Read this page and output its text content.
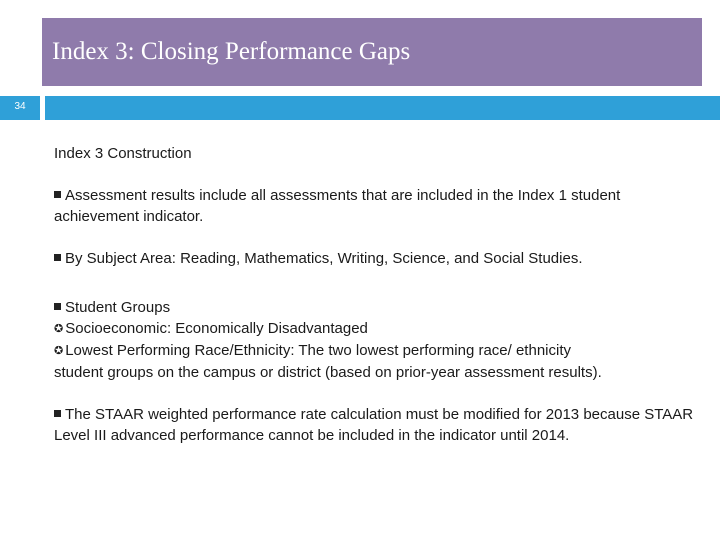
Index 3: Closing Performance Gaps
34
Index 3 Construction
Assessment results include all assessments that are included in the Index 1 student achievement indicator.
By Subject Area: Reading, Mathematics, Writing, Science, and Social Studies.
Student Groups
✪ Socioeconomic: Economically Disadvantaged
✪ Lowest Performing Race/Ethnicity: The two lowest performing race/ ethnicity student groups on the campus or district (based on prior-year assessment results).
The STAAR weighted performance rate calculation must be modified for 2013 because STAAR Level III advanced performance cannot be included in the indicator until 2014.
